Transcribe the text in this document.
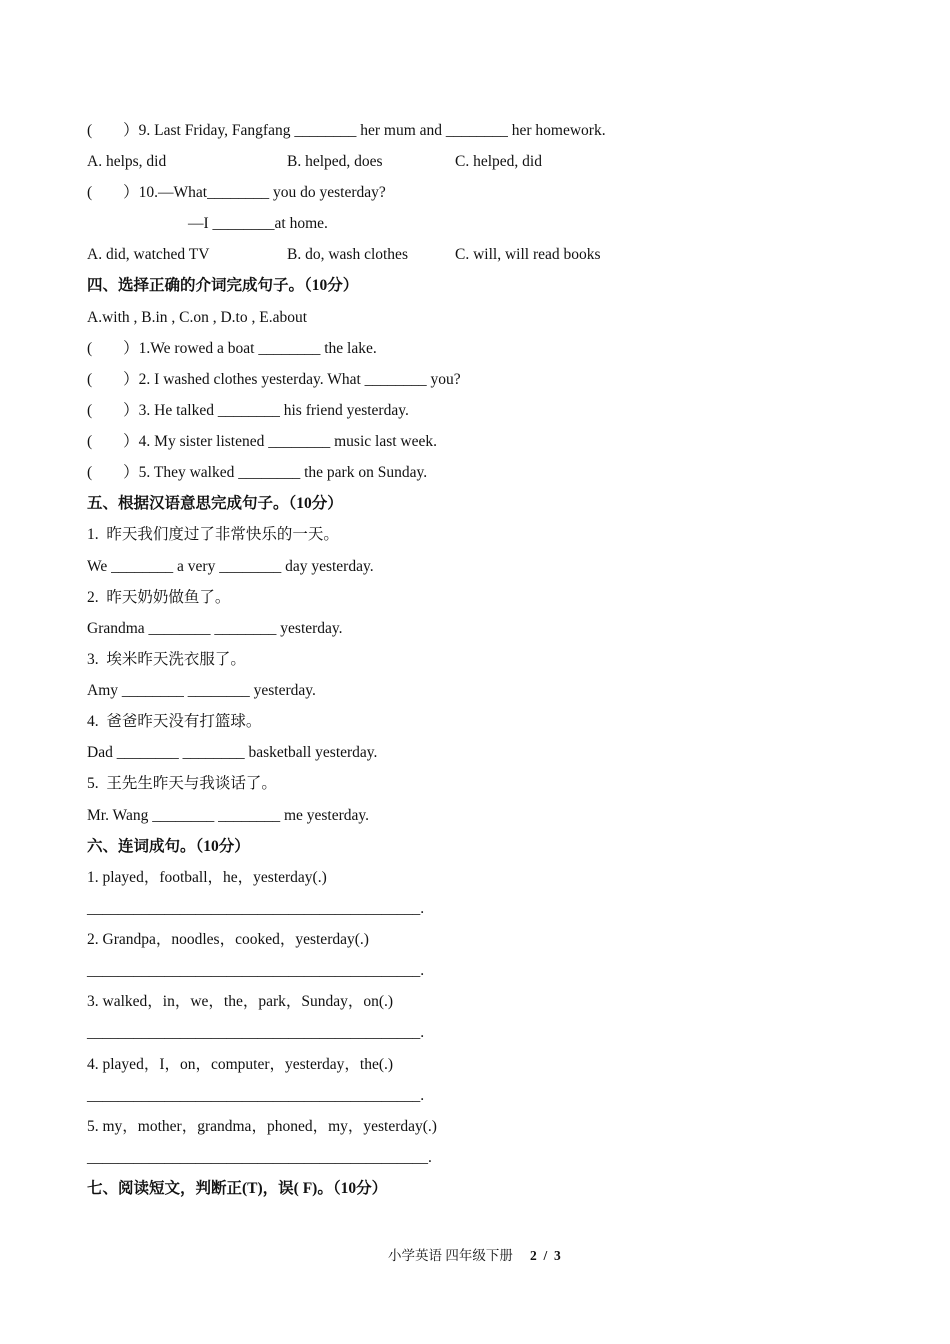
(        ）9. Last Friday, Fangfang ________ her mum and ________ her homework.
A. helps, did	B. helped, does	C. helped, did
(        ）10.—What________ you do yesterday?
—I ________at home.
A. did, watched TV	B. do, wash clothes	C. will, will read books
四、选择正确的介词完成句子。（10分）
A.with , B.in , C.on , D.to , E.about
(        ）1.We rowed a boat ________ the lake.
(        ）2. I washed clothes yesterday. What ________ you?
(        ）3. He talked ________ his friend yesterday.
(        ）4. My sister listened ________ music last week.
(        ）5. They walked ________ the park on Sunday.
五、根据汉语意思完成句子。（10分）
1.  昨天我们度过了非常快乐的一天。
We ________ a very ________ day yesterday.
2.  昨天奶奶做鱼了。
Grandma ________ ________ yesterday.
3.  埃米昨天洗衣服了。
Amy ________ ________ yesterday.
4.  爸爸昨天没有打篮球。
Dad ________ ________ basketball yesterday.
5.  王先生昨天与我谈话了。
Mr. Wang ________ ________ me yesterday.
六、连词成句。（10分）
1. played，football，he，yesterday(.)
___________________________________________.
2. Grandpa，noodles，cooked，yesterday(.)
___________________________________________.
3. walked，in，we，the，park，Sunday，on(.)
___________________________________________.
4. played，I，on，computer，yesterday，the(.)
___________________________________________.
5. my，mother，grandma，phoned，my，yesterday(.)
____________________________________________.
七、阅读短文，判断正(T)，误( F)。（10分）
小学英语 四年级下册 2  /  3
